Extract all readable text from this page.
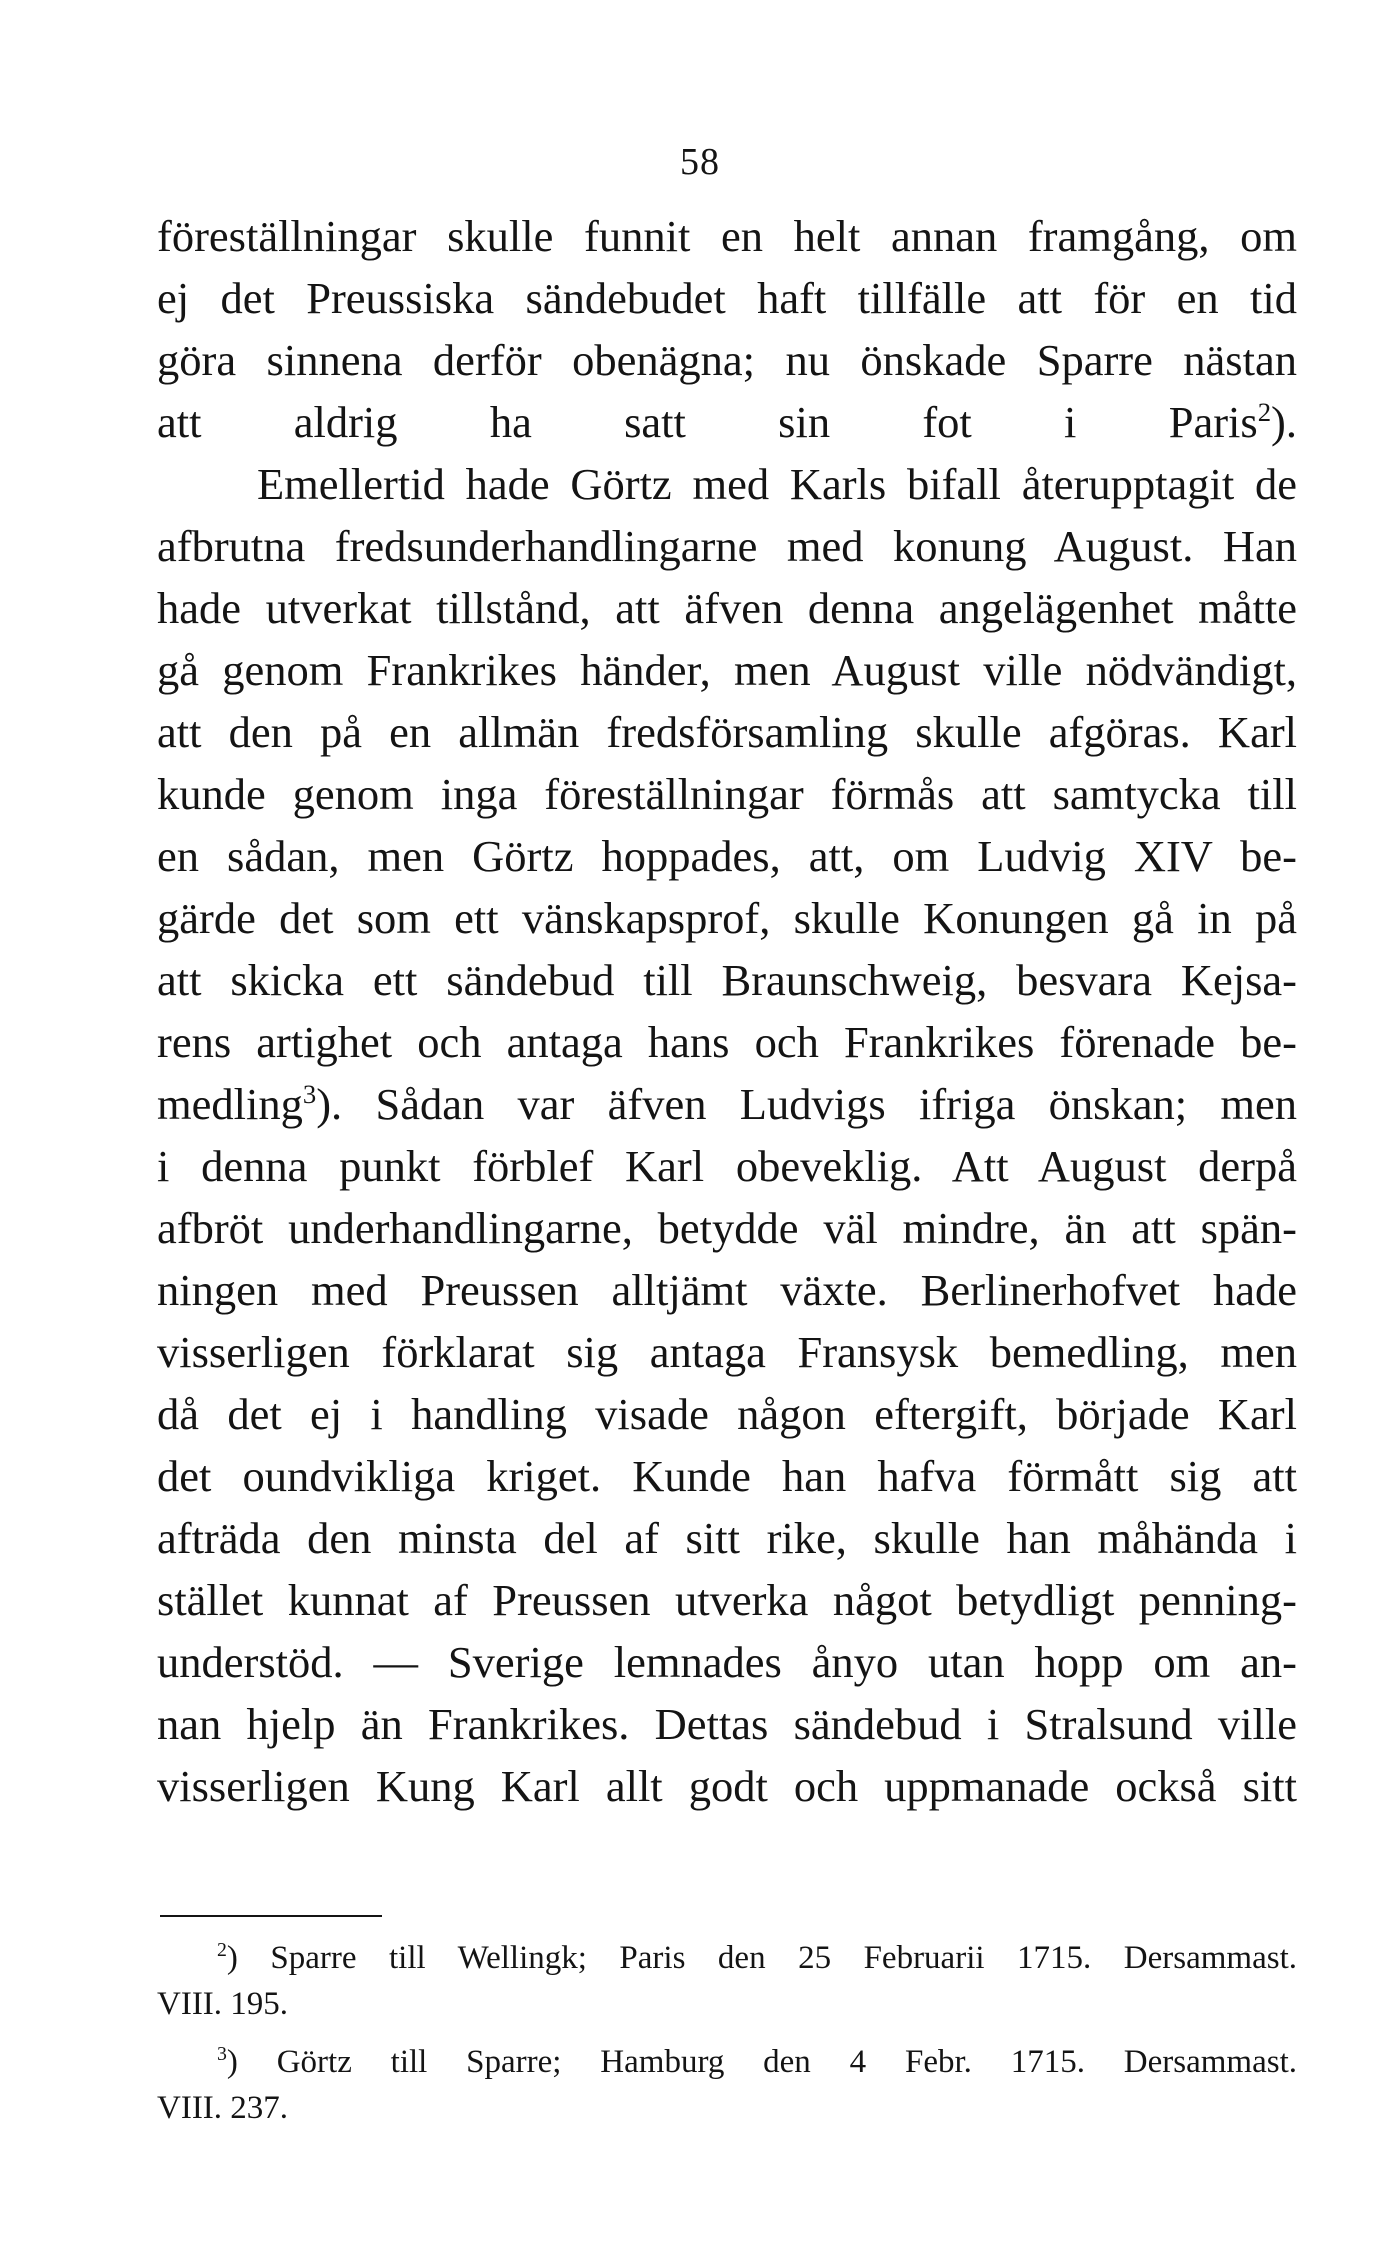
58
föreställningar skulle funnit en helt annan framgång, om
ej det Preussiska sändebudet haft tillfälle att för en tid
göra sinnena derför obenägna; nu önskade Sparre nästan
att aldrig ha satt sin fot i Paris$^2$).
Emellertid hade Görtz med Karls bifall återupptagit de
afbrutna fredsunderhandlingarne med konung August. Han
hade utverkat tillstånd, att äfven denna angelägenhet måtte
gå genom Frankrikes händer, men August ville nödvändigt,
att den på en allmän fredsförsamling skulle afgöras. Karl
kunde genom inga föreställningar förmås att samtycka till
en sådan, men Görtz hoppades, att, om Ludvig XIV be-
gärde det som ett vänskapsprof, skulle Konungen gå in på
att skicka ett sändebud till Braunschweig, besvara Kejsa-
rens artighet och antaga hans och Frankrikes förenade be-
medling$^3$). Sådan var äfven Ludvigs ifriga önskan; men
i denna punkt förblef Karl obeveklig. Att August derpå
afbröt underhandlingarne, betydde väl mindre, än att spän-
ningen med Preussen alltjämt växte. Berlinerhofvet hade
visserligen förklarat sig antaga Fransysk bemedling, men
då det ej i handling visade någon eftergift, började Karl
det oundvikliga kriget. Kunde han hafva förmått sig att
afträda den minsta del af sitt rike, skulle han måhända i
stället kunnat af Preussen utverka något betydligt penning-
understöd. — Sverige lemnades ånyo utan hopp om an-
nan hjelp än Frankrikes. Dettas sändebud i Stralsund ville
visserligen Kung Karl allt godt och uppmanade också sitt
$^2$) Sparre till Wellingk; Paris den 25 Februarii 1715. Dersammast.
VIII. 195.
$^3$) Görtz till Sparre; Hamburg den 4 Febr. 1715. Dersammast.
VIII. 237.
